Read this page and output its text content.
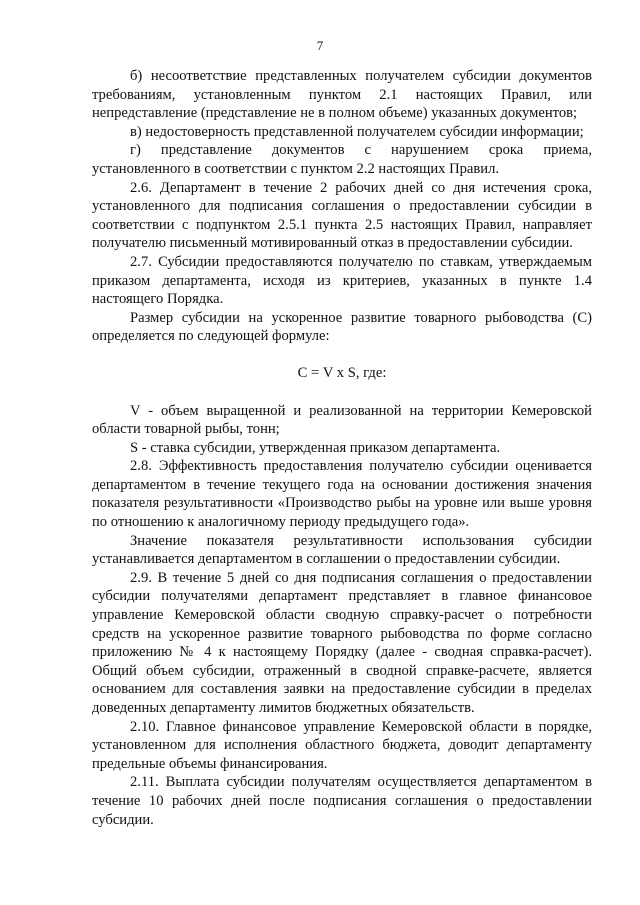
7

б) несоответствие представленных получателем субсидии документов требованиям, установленным пунктом 2.1 настоящих Правил, или непредставление (представление не в полном объеме) указанных документов;

в) недостоверность представленной получателем субсидии информации;

г) представление документов с нарушением срока приема, установленного в соответствии с пунктом 2.2 настоящих Правил.

2.6. Департамент в течение 2 рабочих дней со дня истечения срока, установленного для подписания соглашения о предоставлении субсидии в соответствии с подпунктом 2.5.1 пункта 2.5 настоящих Правил, направляет получателю письменный мотивированный отказ в предоставлении субсидии.

2.7. Субсидии предоставляются получателю по ставкам, утверждаемым приказом департамента, исходя из критериев, указанных в пункте 1.4 настоящего Порядка.

Размер субсидии на ускоренное развитие товарного рыбоводства (С) определяется по следующей формуле:

С = V x S, где:

V - объем выращенной и реализованной на территории Кемеровской области товарной рыбы, тонн;

S - ставка субсидии, утвержденная приказом департамента.

2.8. Эффективность предоставления получателю субсидии оценивается департаментом в течение текущего года на основании достижения значения показателя результативности «Производство рыбы на уровне или выше уровня по отношению к аналогичному периоду предыдущего года».

Значение показателя результативности использования субсидии устанавливается департаментом в соглашении о предоставлении субсидии.

2.9. В течение 5 дней со дня подписания соглашения о предоставлении субсидии получателями департамент представляет в главное финансовое управление Кемеровской области сводную справку-расчет о потребности средств на ускоренное развитие товарного рыбоводства по форме согласно приложению № 4 к настоящему Порядку (далее - сводная справка-расчет). Общий объем субсидии, отраженный в сводной справке-расчете, является основанием для составления заявки на предоставление субсидии в пределах доведенных департаменту лимитов бюджетных обязательств.

2.10. Главное финансовое управление Кемеровской области в порядке, установленном для исполнения областного бюджета, доводит департаменту предельные объемы финансирования.

2.11. Выплата субсидии получателям осуществляется департаментом в течение 10 рабочих дней после подписания соглашения о предоставлении субсидии.
